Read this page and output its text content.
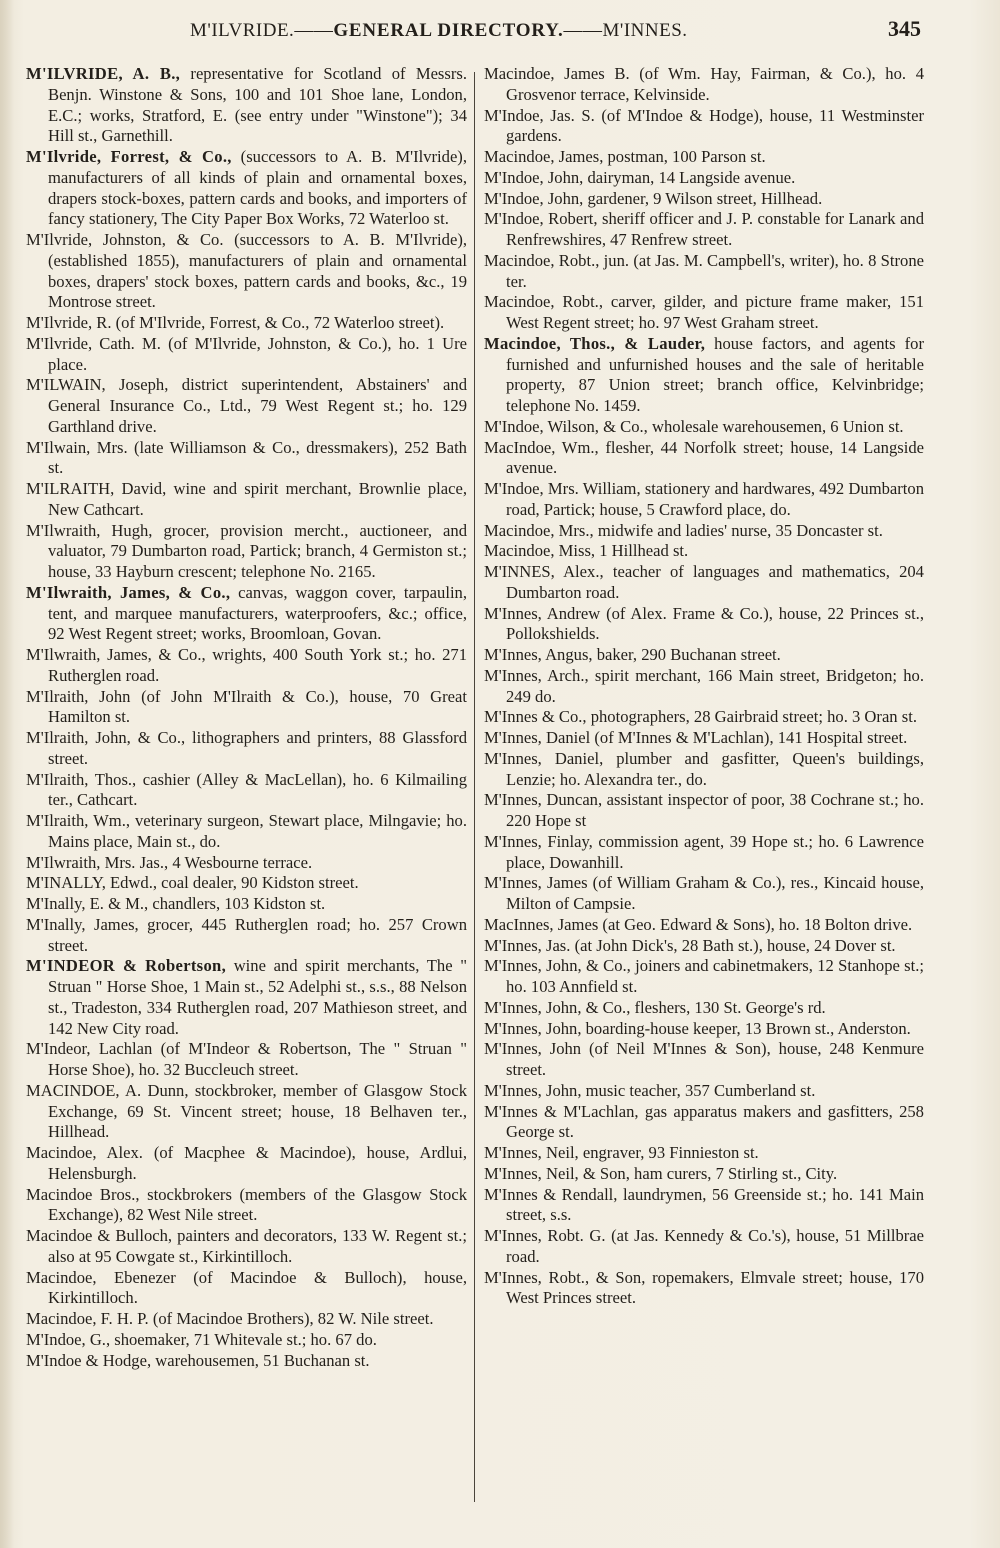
M'ILVRIDE.——GENERAL DIRECTORY.——M'INNES.	345

M'ILVRIDE, A. B., representative for Scotland of Messrs. Benjn. Winstone & Sons, 100 and 101 Shoe lane, London, E.C.; works, Stratford, E. (see entry under "Winstone"); 34 Hill st., Garnethill.

M'Ilvride, Forrest, & Co., (successors to A. B. M'Ilvride), manufacturers of all kinds of plain and ornamental boxes, drapers stock-boxes, pattern cards and books, and importers of fancy stationery, The City Paper Box Works, 72 Waterloo st.

M'Ilvride, Johnston, & Co. (successors to A. B. M'Ilvride), (established 1855), manufacturers of plain and ornamental boxes, drapers' stock boxes, pattern cards and books, &c., 19 Montrose street.

M'Ilvride, R. (of M'Ilvride, Forrest, & Co., 72 Waterloo street).

M'Ilvride, Cath. M. (of M'Ilvride, Johnston, & Co.), ho. 1 Ure place.

M'ILWAIN, Joseph, district superintendent, Abstainers' and General Insurance Co., Ltd., 79 West Regent st.; ho. 129 Garthland drive.

M'Ilwain, Mrs. (late Williamson & Co., dressmakers), 252 Bath st.

M'ILRAITH, David, wine and spirit merchant, Brownlie place, New Cathcart.

M'Ilwraith, Hugh, grocer, provision mercht., auctioneer, and valuator, 79 Dumbarton road, Partick; branch, 4 Germiston st.; house, 33 Hayburn crescent; telephone No. 2165.

M'Ilwraith, James, & Co., canvas, waggon cover, tarpaulin, tent, and marquee manufacturers, waterproofers, &c.; office, 92 West Regent street; works, Broomloan, Govan.

M'Ilwraith, James, & Co., wrights, 400 South York st.; ho. 271 Rutherglen road.

M'Ilraith, John (of John M'Ilraith & Co.), house, 70 Great Hamilton st.

M'Ilraith, John, & Co., lithographers and printers, 88 Glassford street.

M'Ilraith, Thos., cashier (Alley & MacLellan), ho. 6 Kilmailing ter., Cathcart.

M'Ilraith, Wm., veterinary surgeon, Stewart place, Milngavie; ho. Mains place, Main st., do.

M'Ilwraith, Mrs. Jas., 4 Wesbourne terrace.

M'INALLY, Edwd., coal dealer, 90 Kidston street.

M'Inally, E. & M., chandlers, 103 Kidston st.

M'Inally, James, grocer, 445 Rutherglen road; ho. 257 Crown street.

M'INDEOR & Robertson, wine and spirit merchants, The " Struan " Horse Shoe, 1 Main st., 52 Adelphi st., s.s., 88 Nelson st., Tradeston, 334 Rutherglen road, 207 Mathieson street, and 142 New City road.

M'Indeor, Lachlan (of M'Indeor & Robertson, The " Struan " Horse Shoe), ho. 32 Buccleuch street.

MACINDOE, A. Dunn, stockbroker, member of Glasgow Stock Exchange, 69 St. Vincent street; house, 18 Belhaven ter., Hillhead.

Macindoe, Alex. (of Macphee & Macindoe), house, Ardlui, Helensburgh.

Macindoe Bros., stockbrokers (members of the Glasgow Stock Exchange), 82 West Nile street.

Macindoe & Bulloch, painters and decorators, 133 W. Regent st.; also at 95 Cowgate st., Kirkintilloch.

Macindoe, Ebenezer (of Macindoe & Bulloch), house, Kirkintilloch.

Macindoe, F. H. P. (of Macindoe Brothers), 82 W. Nile street.

M'Indoe, G., shoemaker, 71 Whitevale st.; ho. 67 do.

M'Indoe & Hodge, warehousemen, 51 Buchanan st.

Macindoe, James B. (of Wm. Hay, Fairman, & Co.), ho. 4 Grosvenor terrace, Kelvinside.

M'Indoe, Jas. S. (of M'Indoe & Hodge), house, 11 Westminster gardens.

Macindoe, James, postman, 100 Parson st.

M'Indoe, John, dairyman, 14 Langside avenue.

M'Indoe, John, gardener, 9 Wilson street, Hillhead.

M'Indoe, Robert, sheriff officer and J. P. constable for Lanark and Renfrewshires, 47 Renfrew street.

Macindoe, Robt., jun. (at Jas. M. Campbell's, writer), ho. 8 Strone ter.

Macindoe, Robt., carver, gilder, and picture frame maker, 151 West Regent street; ho. 97 West Graham street.

Macindoe, Thos., & Lauder, house factors, and agents for furnished and unfurnished houses and the sale of heritable property, 87 Union street; branch office, Kelvinbridge; telephone No. 1459.

M'Indoe, Wilson, & Co., wholesale warehousemen, 6 Union st.

MacIndoe, Wm., flesher, 44 Norfolk street; house, 14 Langside avenue.

M'Indoe, Mrs. William, stationery and hardwares, 492 Dumbarton road, Partick; house, 5 Crawford place, do.

Macindoe, Mrs., midwife and ladies' nurse, 35 Doncaster st.

Macindoe, Miss, 1 Hillhead st.

M'INNES, Alex., teacher of languages and mathematics, 204 Dumbarton road.

M'Innes, Andrew (of Alex. Frame & Co.), house, 22 Princes st., Pollokshields.

M'Innes, Angus, baker, 290 Buchanan street.

M'Innes, Arch., spirit merchant, 166 Main street, Bridgeton; ho. 249 do.

M'Innes & Co., photographers, 28 Gairbraid street; ho. 3 Oran st.

M'Innes, Daniel (of M'Innes & M'Lachlan), 141 Hospital street.

M'Innes, Daniel, plumber and gasfitter, Queen's buildings, Lenzie; ho. Alexandra ter., do.

M'Innes, Duncan, assistant inspector of poor, 38 Cochrane st.; ho. 220 Hope st

M'Innes, Finlay, commission agent, 39 Hope st.; ho. 6 Lawrence place, Dowanhill.

M'Innes, James (of William Graham & Co.), res., Kincaid house, Milton of Campsie.

MacInnes, James (at Geo. Edward & Sons), ho. 18 Bolton drive.

M'Innes, Jas. (at John Dick's, 28 Bath st.), house, 24 Dover st.

M'Innes, John, & Co., joiners and cabinetmakers, 12 Stanhope st.; ho. 103 Annfield st.

M'Innes, John, & Co., fleshers, 130 St. George's rd.

M'Innes, John, boarding-house keeper, 13 Brown st., Anderston.

M'Innes, John (of Neil M'Innes & Son), house, 248 Kenmure street.

M'Innes, John, music teacher, 357 Cumberland st.

M'Innes & M'Lachlan, gas apparatus makers and gasfitters, 258 George st.

M'Innes, Neil, engraver, 93 Finnieston st.

M'Innes, Neil, & Son, ham curers, 7 Stirling st., City.

M'Innes & Rendall, laundrymen, 56 Greenside st.; ho. 141 Main street, s.s.

M'Innes, Robt. G. (at Jas. Kennedy & Co.'s), house, 51 Millbrae road.

M'Innes, Robt., & Son, ropemakers, Elmvale street; house, 170 West Princes street.
